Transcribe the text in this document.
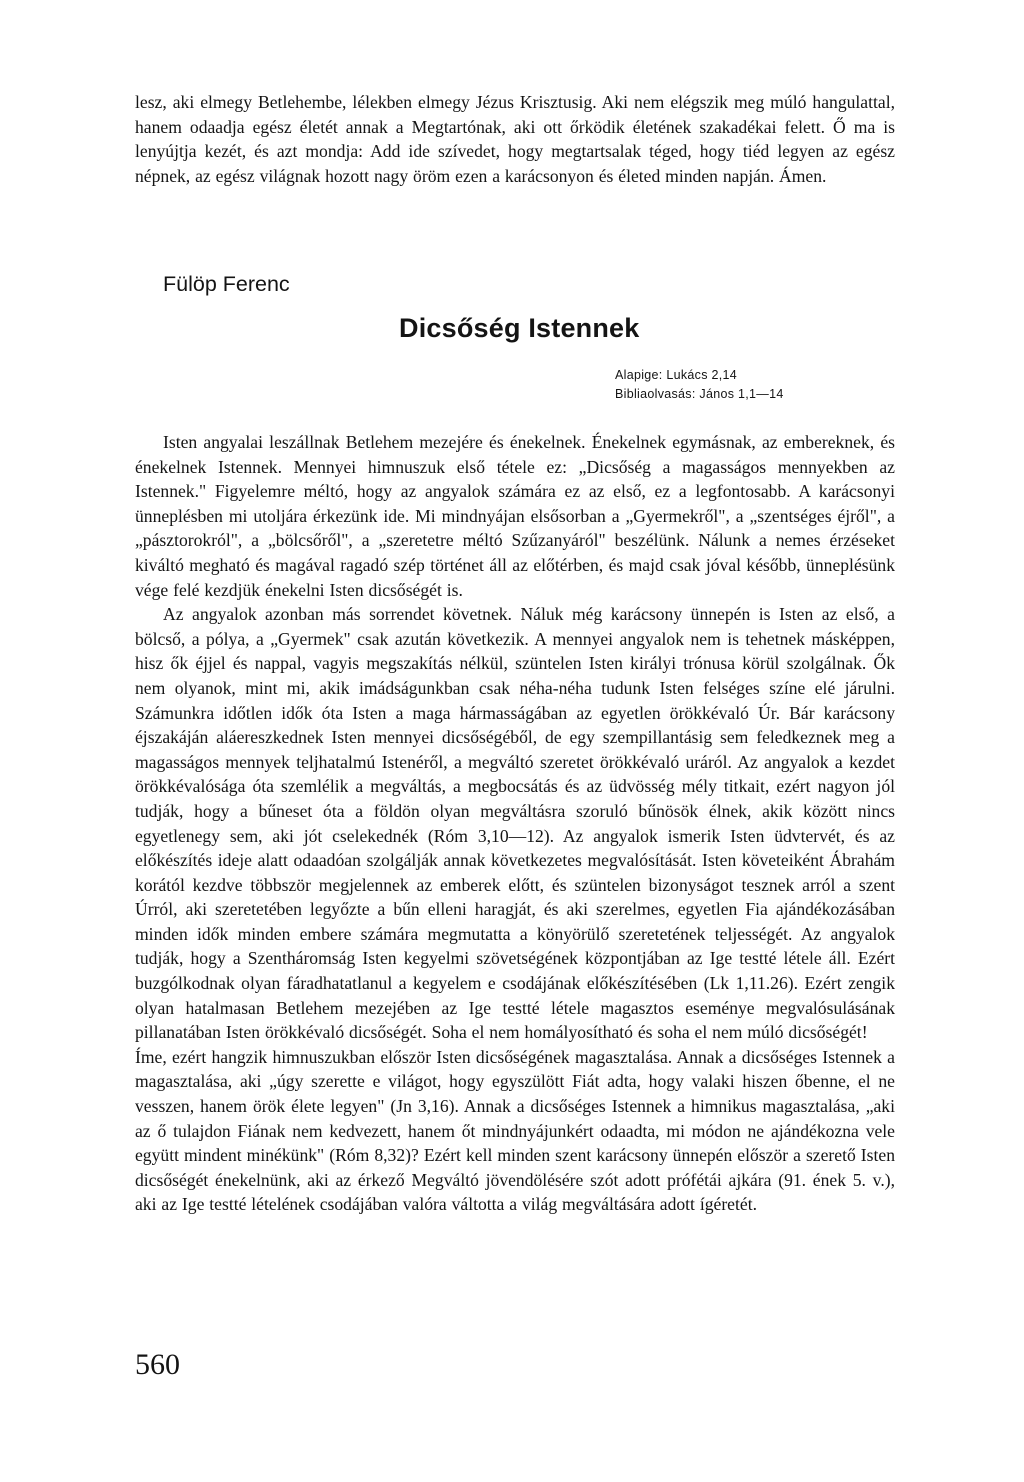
lesz, aki elmegy Betlehembe, lélekben elmegy Jézus Krisztusig. Aki nem elégszik meg múló hangulattal, hanem odaadja egész életét annak a Megtartónak, aki ott őrködik életének szakadékai felett. Ő ma is lenyújtja kezét, és azt mondja: Add ide szívedet, hogy megtartsalak téged, hogy tiéd legyen az egész népnek, az egész világnak hozott nagy öröm ezen a karácsonyon és életed minden napján. Ámen.

Fülöp Ferenc

Dicsőség Istennek
Alapige: Lukács 2,14
Bibliaolvasás: János 1,1—14

Isten angyalai leszállnak Betlehem mezejére és énekelnek. Énekelnek egymásnak, az embereknek, és énekelnek Istennek. Mennyei himnuszuk első tétele ez: „Dicsőség a magasságos mennyekben az Istennek." Figyelemre méltó, hogy az angyalok számára ez az első, ez a legfontosabb. A karácsonyi ünneplésben mi utoljára érkezünk ide. Mi mindnyájan elsősorban a „Gyermekről", a „szentséges éjről", a „pásztorokról", a „bölcsőről", a „szeretetre méltó Szűzanyáról" beszélünk. Nálunk a nemes érzéseket kiváltó megható és magával ragadó szép történet áll az előtérben, és majd csak jóval később, ünneplésünk vége felé kezdjük énekelni Isten dicsőségét is.

Az angyalok azonban más sorrendet követnek. Náluk még karácsony ünnepén is Isten az első, a bölcső, a pólya, a „Gyermek" csak azután következik. A mennyei angyalok nem is tehetnek másképpen, hisz ők éjjel és nappal, vagyis megszakítás nélkül, szüntelen Isten királyi trónusa körül szolgálnak. Ők nem olyanok, mint mi, akik imádságunkban csak néha-néha tudunk Isten felséges színe elé járulni. Számunkra időtlen idők óta Isten a maga hármasságában az egyetlen örökkévaló Úr. Bár karácsony éjszakáján aláereszkednek Isten mennyei dicsőségéből, de egy szempillantásig sem feledkeznek meg a magasságos mennyek teljhatalmú Istenéről, a megváltó szeretet örökkévaló uráról. Az angyalok a kezdet örökkévalósága óta szemlélik a megváltás, a megbocsátás és az üdvösség mély titkait, ezért nagyon jól tudják, hogy a bűneset óta a földön olyan megváltásra szoruló bűnösök élnek, akik között nincs egyetlenegy sem, aki jót cselekednék (Róm 3,10—12). Az angyalok ismerik Isten üdvtervét, és az előkészítés ideje alatt odaadóan szolgálják annak következetes megvalósítását. Isten követeiként Ábrahám korától kezdve többször megjelennek az emberek előtt, és szüntelen bizonyságot tesznek arról a szent Úrról, aki szeretetében legyőzte a bűn elleni haragját, és aki szerelmes, egyetlen Fia ajándékozásában minden idők minden embere számára megmutatta a könyörülő szeretetének teljességét. Az angyalok tudják, hogy a Szentháromság Isten kegyelmi szövetségének központjában az Ige testté létele áll. Ezért buzgólkodnak olyan fáradhatatlanul a kegyelem e csodájának előkészítésében (Lk 1,11.26). Ezért zengik olyan hatalmasan Betlehem mezejében az Ige testté létele magasztos eseménye megvalósulásának pillanatában Isten örökkévaló dicsőségét. Soha el nem homályosítható és soha el nem múló dicsőségét!

Íme, ezért hangzik himnuszukban először Isten dicsőségének magasztalása. Annak a dicsőséges Istennek a magasztalása, aki „úgy szerette e világot, hogy egyszülött Fiát adta, hogy valaki hiszen őbenne, el ne vesszen, hanem örök élete legyen" (Jn 3,16). Annak a dicsőséges Istennek a himnikus magasztalása, „aki az ő tulajdon Fiának nem kedvezett, hanem őt mindnyájunkért odaadta, mi módon ne ajándékozna vele együtt mindent minékünk" (Róm 8,32)? Ezért kell minden szent karácsony ünnepén először a szerető Isten dicsőségét énekelnünk, aki az érkező Megváltó jövendölésére szót adott prófétái ajkára (91. ének 5. v.), aki az Ige testté lételének csodájában valóra váltotta a világ megváltására adott ígéretét.

560
